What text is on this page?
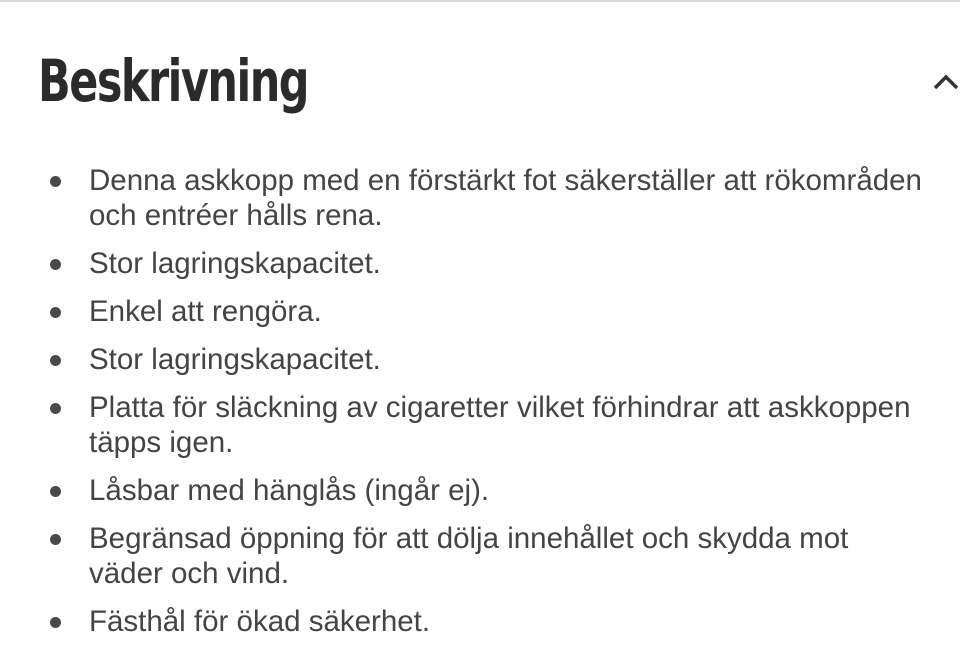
Beskrivning
Denna askkopp med en förstärkt fot säkerställer att rökområden och entréer hålls rena.
Stor lagringskapacitet.
Enkel att rengöra.
Stor lagringskapacitet.
Platta för släckning av cigaretter vilket förhindrar att askkoppen täpps igen.
Låsbar med hänglås (ingår ej).
Begränsad öppning för att dölja innehållet och skydda mot väder och vind.
Fästhål för ökad säkerhet.
